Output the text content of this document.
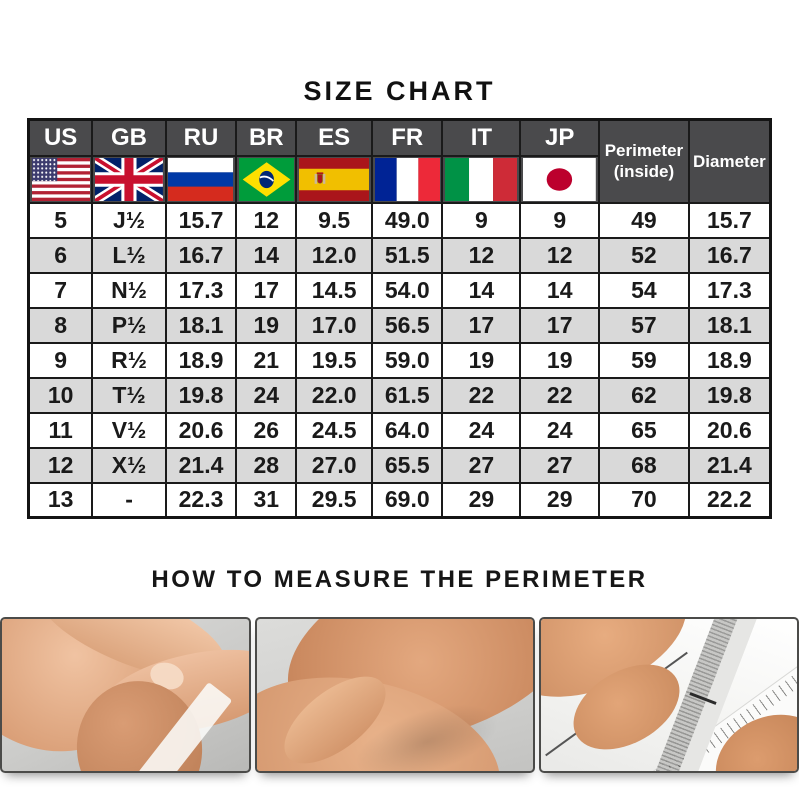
SIZE CHART
US	GB	RU	BR	ES	FR	IT	JP	Perimeter
(inside)	Diameter

5	J½	15.7	12	9.5	49.0	9	9	49	15.7
6	L½	16.7	14	12.0	51.5	12	12	52	16.7
7	N½	17.3	17	14.5	54.0	14	14	54	17.3
8	P½	18.1	19	17.0	56.5	17	17	57	18.1
9	R½	18.9	21	19.5	59.0	19	19	59	18.9
10	T½	19.8	24	22.0	61.5	22	22	62	19.8
11	V½	20.6	26	24.5	64.0	24	24	65	20.6
12	X½	21.4	28	27.0	65.5	27	27	68	21.4
13	-	22.3	31	29.5	69.0	29	29	70	22.2
HOW TO MEASURE THE PERIMETER
